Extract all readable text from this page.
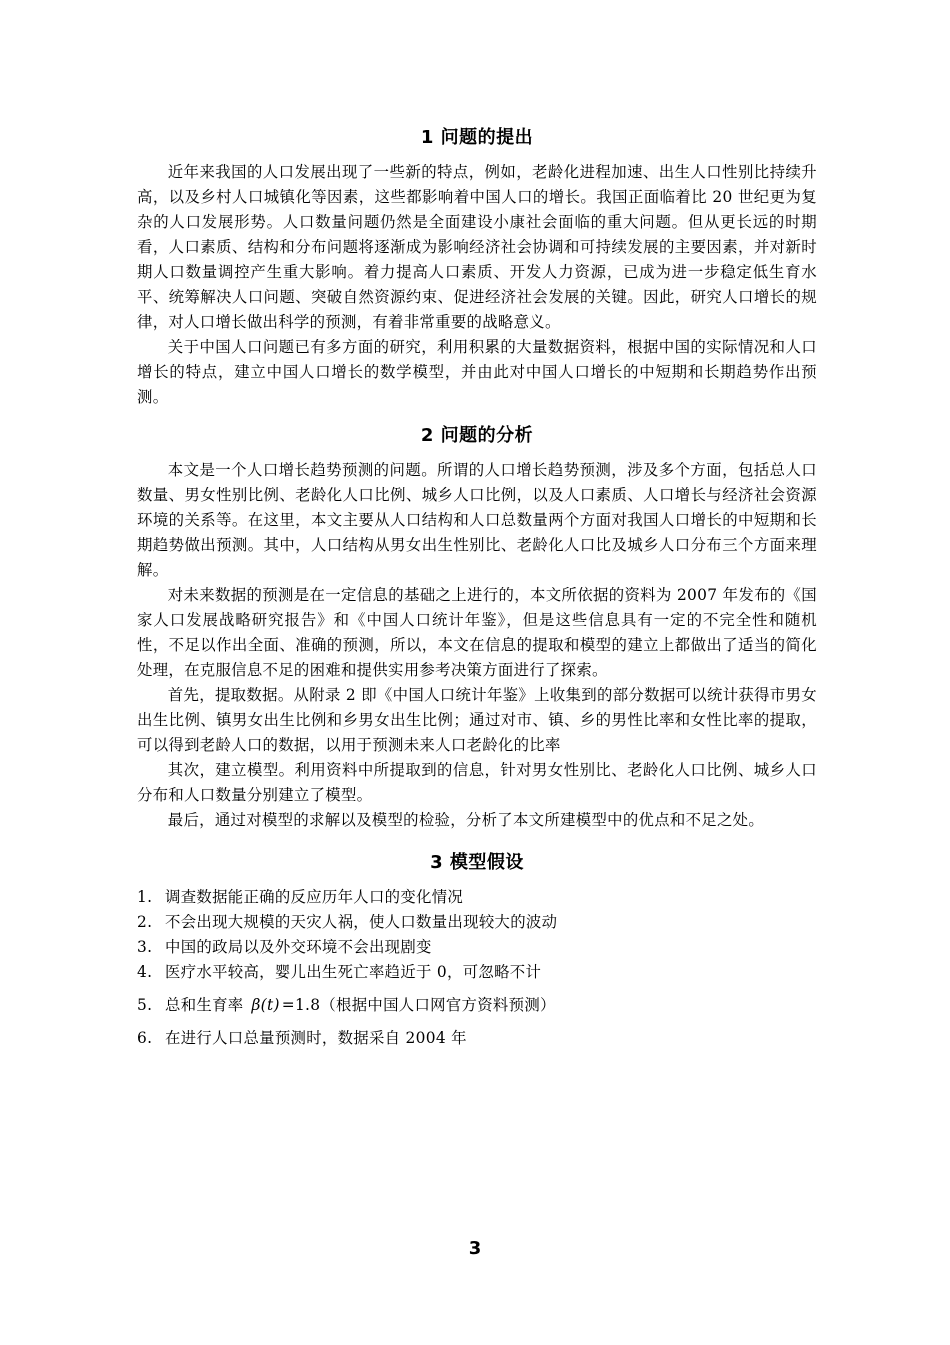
1 问题的提出

近年来我国的人口发展出现了一些新的特点，例如，老龄化进程加速、出生人口性别比持续升高，以及乡村人口城镇化等因素，这些都影响着中国人口的增长。我国正面临着比 20 世纪更为复杂的人口发展形势。人口数量问题仍然是全面建设小康社会面临的重大问题。但从更长远的时期看，人口素质、结构和分布问题将逐渐成为影响经济社会协调和可持续发展的主要因素，并对新时期人口数量调控产生重大影响。着力提高人口素质、开发人力资源，已成为进一步稳定低生育水平、统筹解决人口问题、突破自然资源约束、促进经济社会发展的关键。因此，研究人口增长的规律，对人口增长做出科学的预测，有着非常重要的战略意义。

关于中国人口问题已有多方面的研究，利用积累的大量数据资料，根据中国的实际情况和人口增长的特点，建立中国人口增长的数学模型，并由此对中国人口增长的中短期和长期趋势作出预测。

2 问题的分析

本文是一个人口增长趋势预测的问题。所谓的人口增长趋势预测，涉及多个方面，包括总人口数量、男女性别比例、老龄化人口比例、城乡人口比例，以及人口素质、人口增长与经济社会资源环境的关系等。在这里，本文主要从人口结构和人口总数量两个方面对我国人口增长的中短期和长期趋势做出预测。其中，人口结构从男女出生性别比、老龄化人口比及城乡人口分布三个方面来理解。

对未来数据的预测是在一定信息的基础之上进行的，本文所依据的资料为 2007 年发布的《国家人口发展战略研究报告》和《中国人口统计年鉴》，但是这些信息具有一定的不完全性和随机性，不足以作出全面、准确的预测，所以，本文在信息的提取和模型的建立上都做出了适当的简化处理，在克服信息不足的困难和提供实用参考决策方面进行了探索。

首先，提取数据。从附录 2 即《中国人口统计年鉴》上收集到的部分数据可以统计获得市男女出生比例、镇男女出生比例和乡男女出生比例；通过对市、镇、乡的男性比率和女性比率的提取，可以得到老龄人口的数据，以用于预测未来人口老龄化的比率

其次，建立模型。利用资料中所提取到的信息，针对男女性别比、老龄化人口比例、城乡人口分布和人口数量分别建立了模型。

最后，通过对模型的求解以及模型的检验，分析了本文所建模型中的优点和不足之处。

3 模型假设
1. 调查数据能正确的反应历年人口的变化情况
2. 不会出现大规模的天灾人祸，使人口数量出现较大的波动
3. 中国的政局以及外交环境不会出现剧变
4. 医疗水平较高，婴儿出生死亡率趋近于 0，可忽略不计
5. 总和生育率 β(t) =1.8（根据中国人口网官方资料预测）
6. 在进行人口总量预测时，数据采自 2004 年
3
